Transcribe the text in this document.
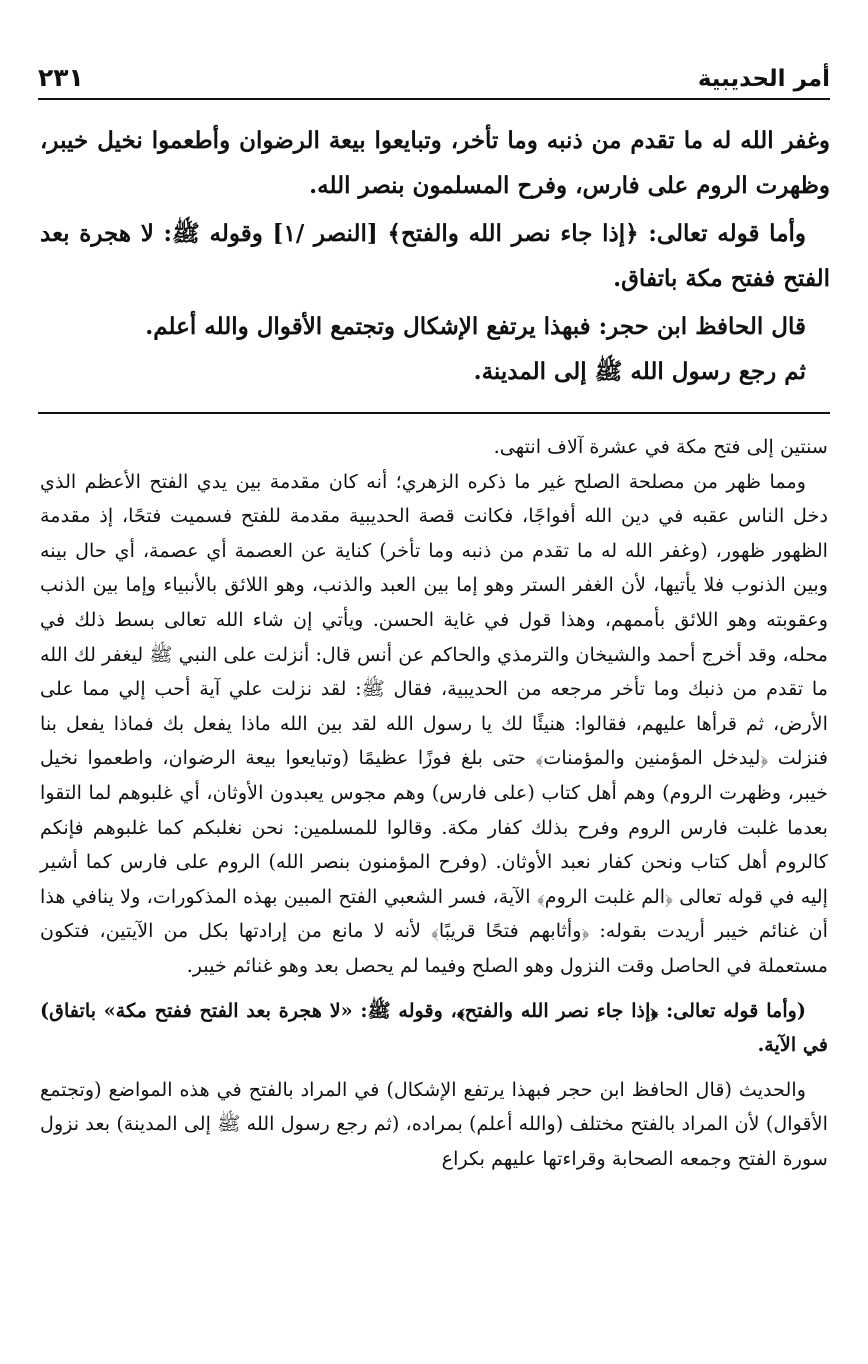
أمر الحديبية
٢٣١

وغفر الله له ما تقدم من ذنبه وما تأخر، وتبايعوا بيعة الرضوان وأطعموا نخيل خيبر، وظهرت الروم على فارس، وفرح المسلمون بنصر الله.

وأما قوله تعالى: ﴿إذا جاء نصر الله والفتح﴾ [النصر /١] وقوله ﷺ: لا هجرة بعد الفتح ففتح مكة باتفاق.

قال الحافظ ابن حجر: فبهذا يرتفع الإشكال وتجتمع الأقوال والله أعلم.

ثم رجع رسول الله ﷺ إلى المدينة.

سنتين إلى فتح مكة في عشرة آلاف انتهى.

ومما ظهر من مصلحة الصلح غير ما ذكره الزهري؛ أنه كان مقدمة بين يدي الفتح الأعظم الذي دخل الناس عقبه في دين الله أفواجًا، فكانت قصة الحديبية مقدمة للفتح فسميت فتحًا، إذ مقدمة الظهور ظهور، (وغفر الله له ما تقدم من ذنبه وما تأخر) كناية عن العصمة أي عصمة، أي حال بينه وبين الذنوب فلا يأتيها، لأن الغفر الستر وهو إما بين العبد والذنب، وهو اللائق بالأنبياء وإما بين الذنب وعقوبته وهو اللائق بأممهم، وهذا قول في غاية الحسن. ويأتي إن شاء الله تعالى بسط ذلك في محله، وقد أخرج أحمد والشيخان والترمذي والحاكم عن أنس قال: أنزلت على النبي ﷺ ليغفر لك الله ما تقدم من ذنبك وما تأخر مرجعه من الحديبية، فقال ﷺ: لقد نزلت علي آية أحب إلي مما على الأرض، ثم قرأها عليهم، فقالوا: هنيئًا لك يا رسول الله لقد بين الله ماذا يفعل بك فماذا يفعل بنا فنزلت ﴿ليدخل المؤمنين والمؤمنات﴾ حتى بلغ فوزًا عظيمًا (وتبايعوا بيعة الرضوان، واطعموا نخيل خيبر، وظهرت الروم) وهم أهل كتاب (على فارس) وهم مجوس يعبدون الأوثان، أي غلبوهم لما التقوا بعدما غلبت فارس الروم وفرح بذلك كفار مكة. وقالوا للمسلمين: نحن نغلبكم كما غلبوهم فإنكم كالروم أهل كتاب ونحن كفار نعبد الأوثان. (وفرح المؤمنون بنصر الله) الروم على فارس كما أشير إليه في قوله تعالى ﴿الم غلبت الروم﴾ الآية، فسر الشعبي الفتح المبين بهذه المذكورات، ولا ينافي هذا أن غنائم خيبر أريدت بقوله: ﴿وأثابهم فتحًا قريبًا﴾ لأنه لا مانع من إرادتها بكل من الآيتين، فتكون مستعملة في الحاصل وقت النزول وهو الصلح وفيما لم يحصل بعد وهو غنائم خيبر.

(وأما قوله تعالى: ﴿إذا جاء نصر الله والفتح﴾، وقوله ﷺ: «لا هجرة بعد الفتح ففتح مكة» باتفاق) في الآية.

والحديث (قال الحافظ ابن حجر فبهذا يرتفع الإشكال) في المراد بالفتح في هذه المواضع (وتجتمع الأقوال) لأن المراد بالفتح مختلف (والله أعلم) بمراده، (ثم رجع رسول الله ﷺ إلى المدينة) بعد نزول سورة الفتح وجمعه الصحابة وقراءتها عليهم بكراع
